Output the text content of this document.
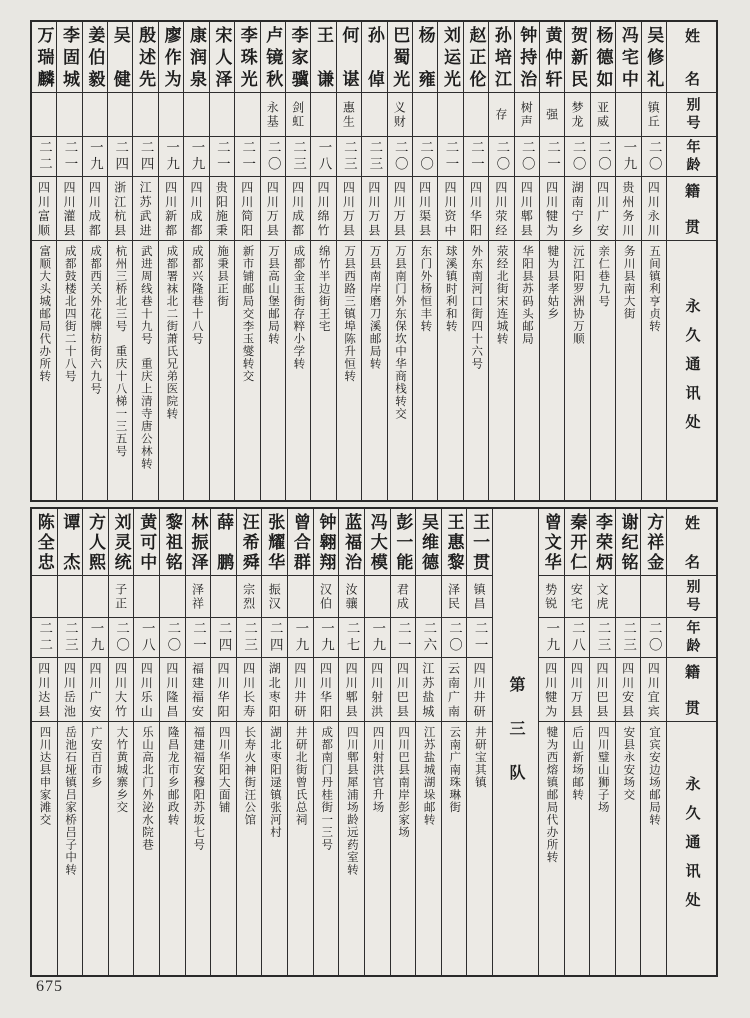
姓名
别号
年龄
籍贯
永久通讯处
吴修礼
镇丘
二〇
四川永川
五间镇利亨贞转
冯宅中
一九
贵州务川
务川县南大街
杨德如
亚威
二〇
四川广安
亲仁巷九号
贺新民
梦龙
二〇
湖南宁乡
沅江阳罗洲协万顺
黄仲轩
强
二一
四川犍为
犍为县孝姑乡
钟持治
树声
二〇
四川郫县
华阳县苏码头邮局
孙培江
存
二〇
四川荥经
荥经北街宋连城转
赵正伦
二一
四川华阳
外东南河口街四十六号
刘运光
二一
四川资中
球溪镇时利和转
杨雍
二〇
四川渠县
东门外杨恒丰转
巴蜀光
义财
二〇
四川万县
万县南门外东保坎中华商栈转交
孙倬
二三
四川万县
万县南岸磨刀溪邮局转
何谌
惠生
二三
四川万县
万县西路三镇埠陈升恒转
王谦
一八
四川绵竹
绵竹半边街王宅
李家骥
剑虹
二三
四川成都
成都金玉街存粹小学转
卢镜秋
永基
二〇
四川万县
万县高山堡邮局转
李珠光
二一
四川简阳
新市铺邮局交李玉燮转交
宋人泽
二一
贵阳施秉
施秉县正街
康润泉
一九
四川成都
成都兴隆巷十八号
廖作为
一九
四川新都
成都署袜北二街萧氏兄弟医院转
殷述先
二四
江苏武进
武进周线巷十九号　重庆上清寺唐公林转
吴健
二四
浙江杭县
杭州三桥北三号　重庆十八梯一三五号
姜伯毅
一九
四川成都
成都西关外花牌枋街六九号
李固城
二一
四川灌县
成都鼓楼北四街二十八号
万瑞麟
二二
四川富顺
富顺大头城邮局代办所转
姓名
别号
年龄
籍贯
永久通讯处
方祥金
二〇
四川宜宾
宜宾安边场邮局转
谢纪铭
二三
四川安县
安县永安场交
李荣炳
文虎
二三
四川巴县
四川璧山狮子场
秦开仁
安宅
二八
四川万县
后山新场邮转
曾文华
势锐
一九
四川犍为
犍为西熔镇邮局代办所转
第三队
王一贯
镇昌
二一
四川井研
井研宝其镇
王惠黎
泽民
二〇
云南广南
云南广南珠琳街
吴维德
二六
江苏盐城
江苏盐城湖垛邮转
彭一能
君成
二一
四川巴县
四川巴县南岸彭家场
冯大模
一九
四川射洪
四川射洪官升场
蓝福治
汝骧
二七
四川郫县
四川郫县犀浦场龄远药室转
钟翱翔
汉伯
一九
四川华阳
成都南门丹桂街一三号
曾合群
一九
四川井研
井研北街曾氏总祠
张耀华
振汉
二四
湖北枣阳
湖北枣阳逯镇张河村
汪希舜
宗烈
二三
四川长寿
长寿火神街汪公馆
薛鹏
二四
四川华阳
四川华阳大面铺
林振泽
泽祥
二一
福建福安
福建福安穆阳苏坂七号
黎祖铭
二〇
四川隆昌
隆昌龙市乡邮政转
黄可中
一八
四川乐山
乐山高北门外泌水院巷
刘灵统
子正
二〇
四川大竹
大竹黄城寨乡交
方人熙
一九
四川广安
广安百市乡
谭杰
二三
四川岳池
岳池石垭镇吕家桥吕子中转
陈全忠
二二
四川达县
四川达县申家滩交
675
